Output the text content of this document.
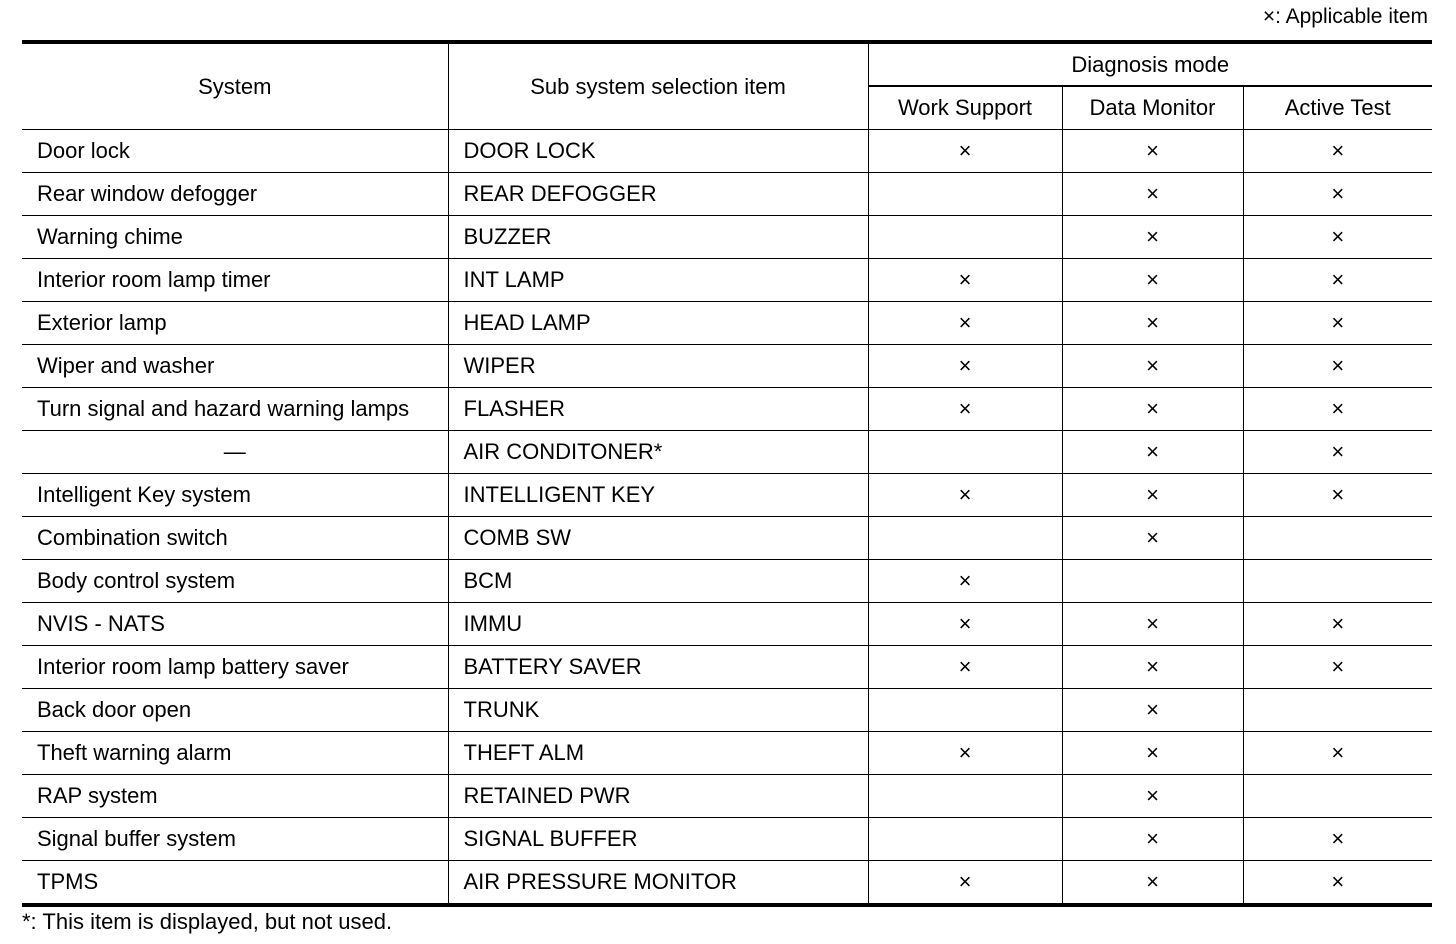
×: Applicable item
System	Sub system selection item	Diagnosis mode		
		Work Support	Data Monitor	Active Test
Door lock	DOOR LOCK	×	×	×
Rear window defogger	REAR DEFOGGER		×	×
Warning chime	BUZZER		×	×
Interior room lamp timer	INT LAMP	×	×	×
Exterior lamp	HEAD LAMP	×	×	×
Wiper and washer	WIPER	×	×	×
Turn signal and hazard warning lamps	FLASHER	×	×	×
—	AIR CONDITONER*		×	×
Intelligent Key system	INTELLIGENT KEY	×	×	×
Combination switch	COMB SW		×	
Body control system	BCM	×		
NVIS - NATS	IMMU	×	×	×
Interior room lamp battery saver	BATTERY SAVER	×	×	×
Back door open	TRUNK		×	
Theft warning alarm	THEFT ALM	×	×	×
RAP system	RETAINED PWR		×	
Signal buffer system	SIGNAL BUFFER		×	×
TPMS	AIR PRESSURE MONITOR	×	×	×
*: This item is displayed, but not used.
